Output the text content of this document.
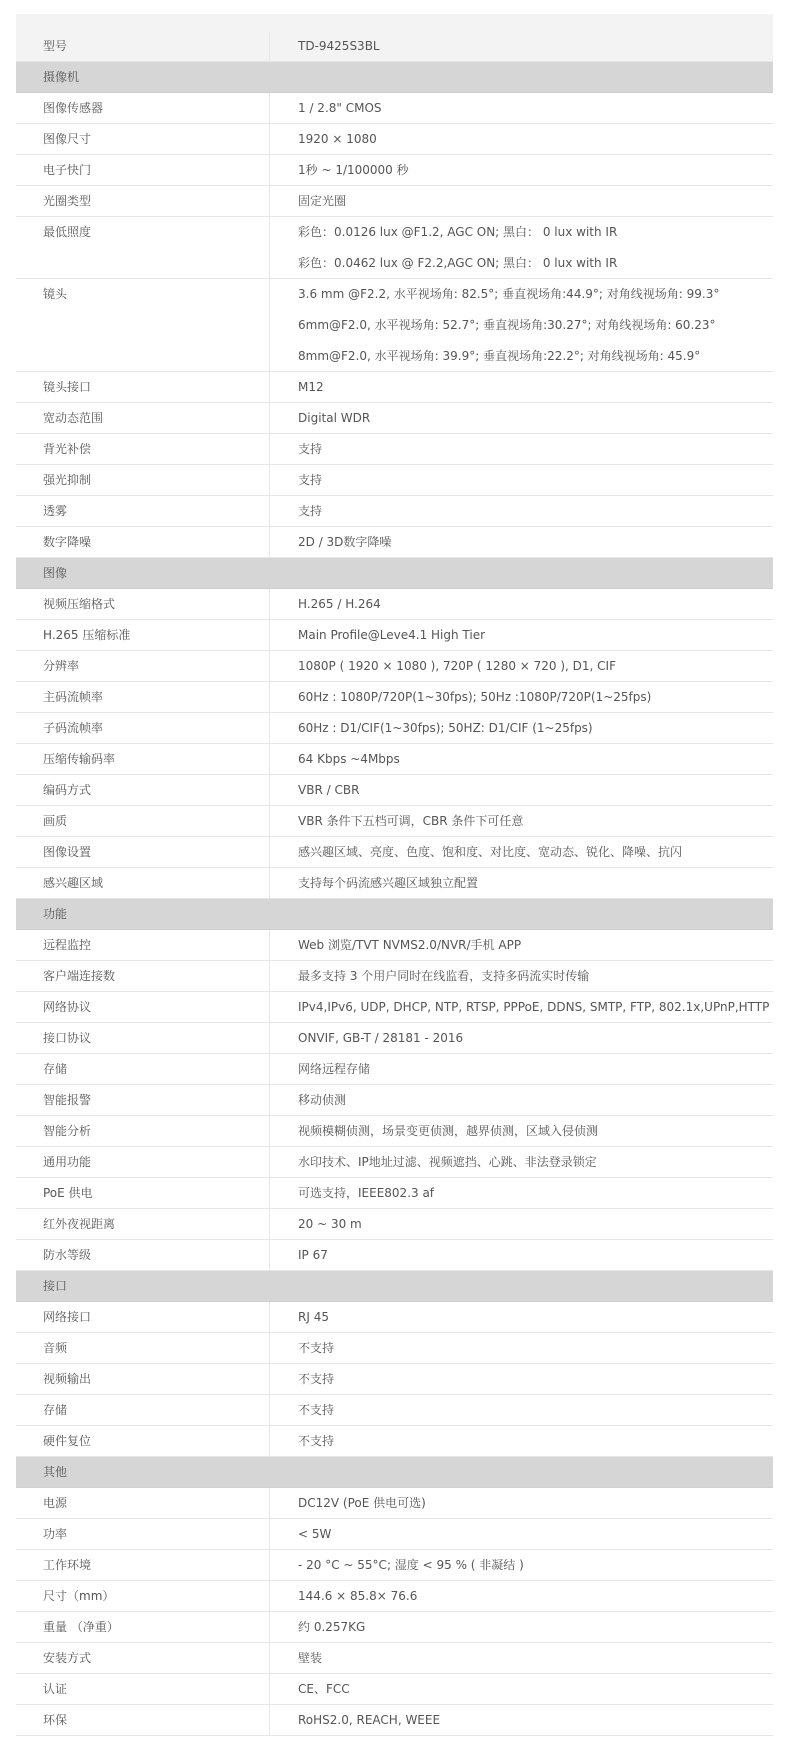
型号	TD-9425S3BL
摄像机
图像传感器	1 / 2.8" CMOS
图像尺寸	1920 × 1080
电子快门	1秒 ~ 1/100000 秒
光圈类型	固定光圈
最低照度	彩色：0.0126 lux @F1.2, AGC ON; 黑白： 0 lux with IR
彩色：0.0462 lux @ F2.2,AGC ON; 黑白： 0 lux with IR
镜头	3.6 mm @F2.2, 水平视场角: 82.5°; 垂直视场角:44.9°; 对角线视场角: 99.3°
6mm@F2.0, 水平视场角: 52.7°; 垂直视场角:30.27°; 对角线视场角: 60.23°
8mm@F2.0, 水平视场角: 39.9°; 垂直视场角:22.2°; 对角线视场角: 45.9°
镜头接口	M12
宽动态范围	Digital WDR
背光补偿	支持
强光抑制	支持
透雾	支持
数字降噪	2D / 3D数字降噪
图像
视频压缩格式	H.265 / H.264
H.265 压缩标准	Main Profile@Leve4.1 High Tier
分辨率	1080P ( 1920 × 1080 ), 720P ( 1280 × 720 ), D1, CIF
主码流帧率	60Hz : 1080P/720P(1~30fps); 50Hz :1080P/720P(1~25fps)
子码流帧率	60Hz : D1/CIF(1~30fps); 50HZ: D1/CIF (1~25fps)
压缩传输码率	64 Kbps ~4Mbps
编码方式	VBR / CBR
画质	VBR 条件下五档可调，CBR 条件下可任意
图像设置	感兴趣区域、亮度、色度、饱和度、对比度、宽动态、锐化、降噪、抗闪
感兴趣区域	支持每个码流感兴趣区域独立配置
功能
远程监控	Web 浏览/TVT NVMS2.0/NVR/手机 APP
客户端连接数	最多支持 3 个用户同时在线监看，支持多码流实时传输
网络协议	IPv4,IPv6, UDP, DHCP, NTP, RTSP, PPPoE, DDNS, SMTP, FTP, 802.1x,UPnP,HTTP
接口协议	ONVIF, GB-T / 28181 - 2016
存储	网络远程存储
智能报警	移动侦测
智能分析	视频模糊侦测，场景变更侦测，越界侦测，区域入侵侦测
通用功能	水印技术、IP地址过滤、视频遮挡、心跳、非法登录锁定
PoE 供电	可选支持，IEEE802.3 af
红外夜视距离	20 ~ 30 m
防水等级	IP 67
接口
网络接口	RJ 45
音频	不支持
视频输出	不支持
存储	不支持
硬件复位	不支持
其他
电源	DC12V (PoE 供电可选)
功率	< 5W
工作环境	- 20 °C ~ 55°C; 湿度 < 95 % ( 非凝结 )
尺寸（mm）	144.6 × 85.8× 76.6
重量 （净重）	约 0.257KG
安装方式	壁装
认证	CE、FCC
环保	RoHS2.0, REACH, WEEE
